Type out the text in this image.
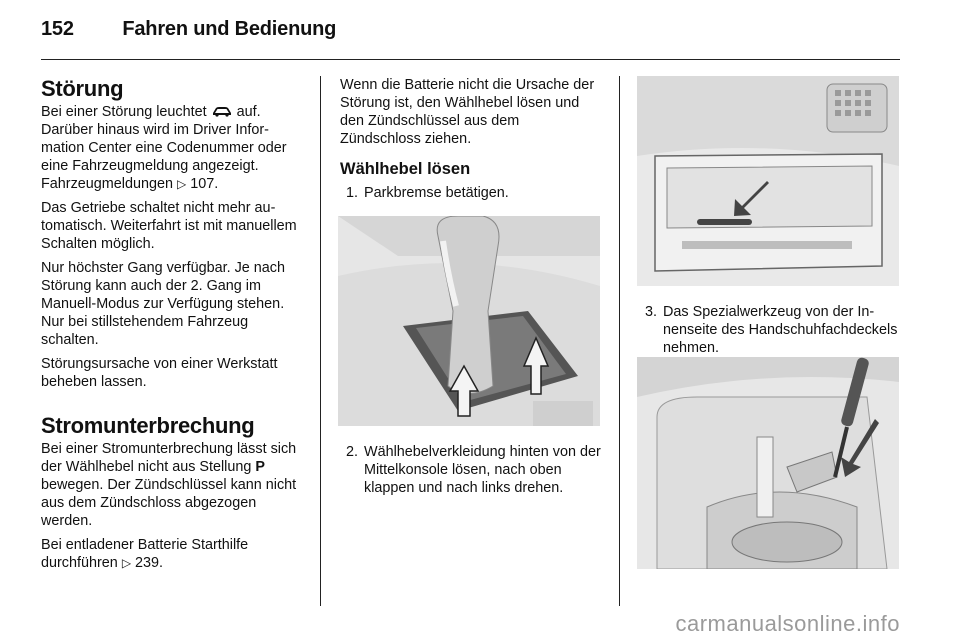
152 Fahren und Bedienung
Störung

Bei einer Störung leuchtet auf. Darüber hinaus wird im Driver Information Center eine Codenummer oder eine Fahrzeugmeldung angezeigt. Fahrzeugmeldungen ▷ 107.

Das Getriebe schaltet nicht mehr automatisch. Weiterfahrt ist mit manuellem Schalten möglich.

Nur höchster Gang verfügbar. Je nach Störung kann auch der 2. Gang im Manuell-Modus zur Verfügung stehen. Nur bei stillstehendem Fahrzeug schalten.

Störungsursache von einer Werkstatt beheben lassen.

Stromunterbrechung

Bei einer Stromunterbrechung lässt sich der Wählhebel nicht aus Stellung P bewegen. Der Zündschlüssel kann nicht aus dem Zündschloss abgezogen werden.

Bei entladener Batterie Starthilfe durchführen ▷ 239.

Wenn die Batterie nicht die Ursache der Störung ist, den Wählhebel lösen und den Zündschlüssel aus dem Zündschloss ziehen.

Wählhebel lösen
1. Parkbremse betätigen.
2. Wählhebelverkleidung hinten von der Mittelkonsole lösen, nach oben klappen und nach links drehen.
3. Das Spezialwerkzeug von der Innenseite des Handschuhfachdeckels nehmen.
carmanualsonline.info
